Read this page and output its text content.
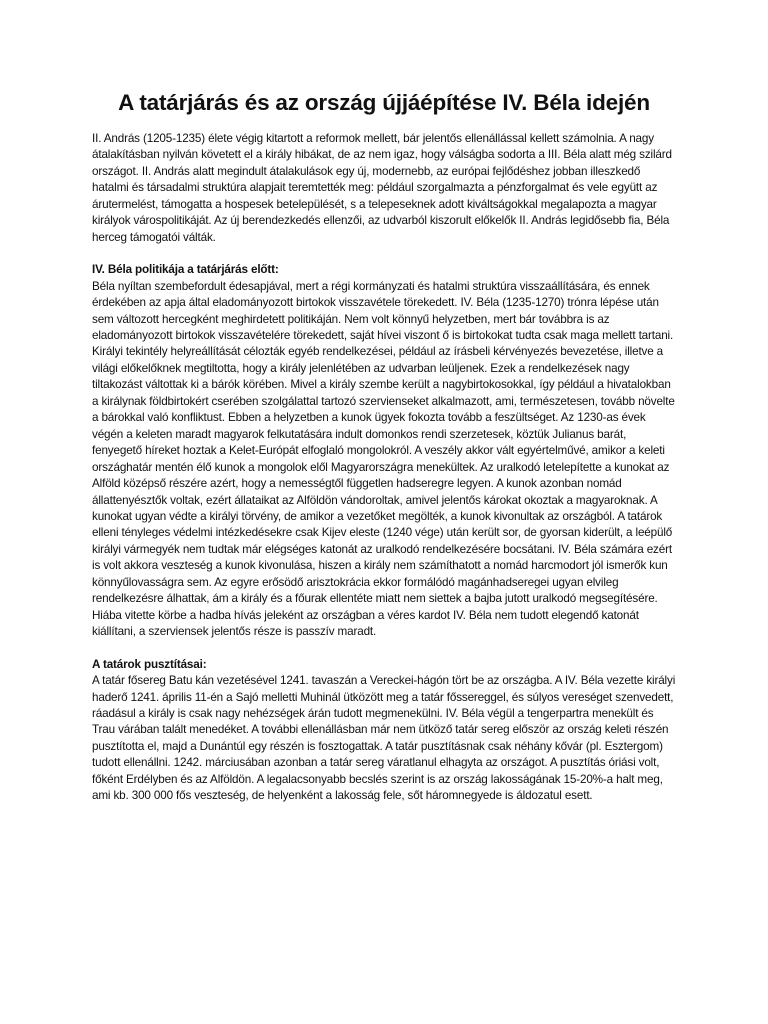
A tatárjárás és az ország újjáépítése IV. Béla idején

II. András (1205-1235) élete végig kitartott a reformok mellett, bár jelentős ellenállással kellett számolnia. A nagy átalakításban nyilván követett el a király hibákat, de az nem igaz, hogy válságba sodorta a III. Béla alatt még szilárd országot. II. András alatt megindult átalakulások egy új, modernebb, az európai fejlődéshez jobban illeszkedő hatalmi és társadalmi struktúra alapjait teremtették meg: például szorgalmazta a pénzforgalmat és vele együtt az árutermelést, támogatta a hospesek betelepülését, s a telepeseknek adott kiváltságokkal megalapozta a magyar királyok várospolitikáját. Az új berendezkedés ellenzői, az udvarból kiszorult előkelők II. András legidősebb fia, Béla herceg támogatói válták.

IV. Béla politikája a tatárjárás előtt:

Béla nyíltan szembefordult édesapjával, mert a régi kormányzati és hatalmi struktúra visszaállítására, és ennek érdekében az apja által eladományozott birtokok visszavétele törekedett. IV. Béla (1235-1270) trónra lépése után sem változott hercegként meghirdetett politikáján. Nem volt könnyű helyzetben, mert bár továbbra is az eladományozott birtokok visszavételére törekedett, saját hívei viszont ő is birtokokat tudta csak maga mellett tartani. Királyi tekintély helyreállítását célozták egyéb rendelkezései, például az írásbeli kérvényezés bevezetése, illetve a világi előkelőknek megtiltotta, hogy a király jelenlétében az udvarban leüljenek. Ezek a rendelkezések nagy tiltakozást váltottak ki a bárók körében. Mivel a király szembe került a nagybirtokosokkal, így például a hivatalokban a királynak földbirtokért cserében szolgálattal tartozó szervienseket alkalmazott, ami, természetesen, tovább növelte a bárokkal való konfliktust. Ebben a helyzetben a kunok ügyek fokozta tovább a feszültséget. Az 1230-as évek végén a keleten maradt magyarok felkutatására indult domonkos rendi szerzetesek, köztük Julianus barát, fenyegető híreket hoztak a Kelet-Európát elfoglaló mongolokról. A veszély akkor vált egyértelművé, amikor a keleti országhatár mentén élő kunok a mongolok elől Magyarországra menekültek. Az uralkodó letelepítette a kunokat az Alföld középső részére azért, hogy a nemességtől független hadseregre legyen. A kunok azonban nomád állattenyésztők voltak, ezért állataikat az Alföldön vándoroltak, amivel jelentős károkat okoztak a magyaroknak. A kunokat ugyan védte a királyi törvény, de amikor a vezetőket megölték, a kunok kivonultak az országból. A tatárok elleni tényleges védelmi intézkedésekre csak Kijev eleste (1240 vége) után került sor, de gyorsan kiderült, a leépülő királyi vármegyék nem tudtak már elégséges katonát az uralkodó rendelkezésére bocsátani. IV. Béla számára ezért is volt akkora veszteség a kunok kivonulása, hiszen a király nem számíthatott a nomád harcmodort jól ismerők kun könnyűlovasságra sem. Az egyre erősödő arisztokrácia ekkor formálódó magánhadseregei ugyan elvileg rendelkezésre álhattak, ám a király és a főurak ellentéte miatt nem siettek a bajba jutott uralkodó megsegítésére. Hiába vitette körbe a hadba hívás jeleként az országban a véres kardot IV. Béla nem tudott elegendő katonát kiállítani, a szerviensek jelentős része is passzív maradt.

A tatárok pusztításai:

A tatár fősereg Batu kán vezetésével 1241. tavaszán a Vereckei-hágón tört be az országba. A IV. Béla vezette királyi haderő 1241. április 11-én a Sajó melletti Muhinál ütközött meg a tatár főssereggel, és súlyos vereséget szenvedett, ráadásul a király is csak nagy nehézségek árán tudott megmenekülni. IV. Béla végül a tengerpartra menekült és Trau várában talált menedéket. A további ellenállásban már nem ütköző tatár sereg először az ország keleti részén pusztította el, majd a Dunántúl egy részén is fosztogattak. A tatár pusztításnak csak néhány kővár (pl. Esztergom) tudott ellenállni. 1242. márciusában azonban a tatár sereg váratlanul elhagyta az országot. A pusztítás óriási volt, főként Erdélyben és az Alföldön. A legalacsonyabb becslés szerint is az ország lakosságának 15-20%-a halt meg, ami kb. 300 000 fős veszteség, de helyenként a lakosság fele, sőt háromnegyede is áldozatul esett.
